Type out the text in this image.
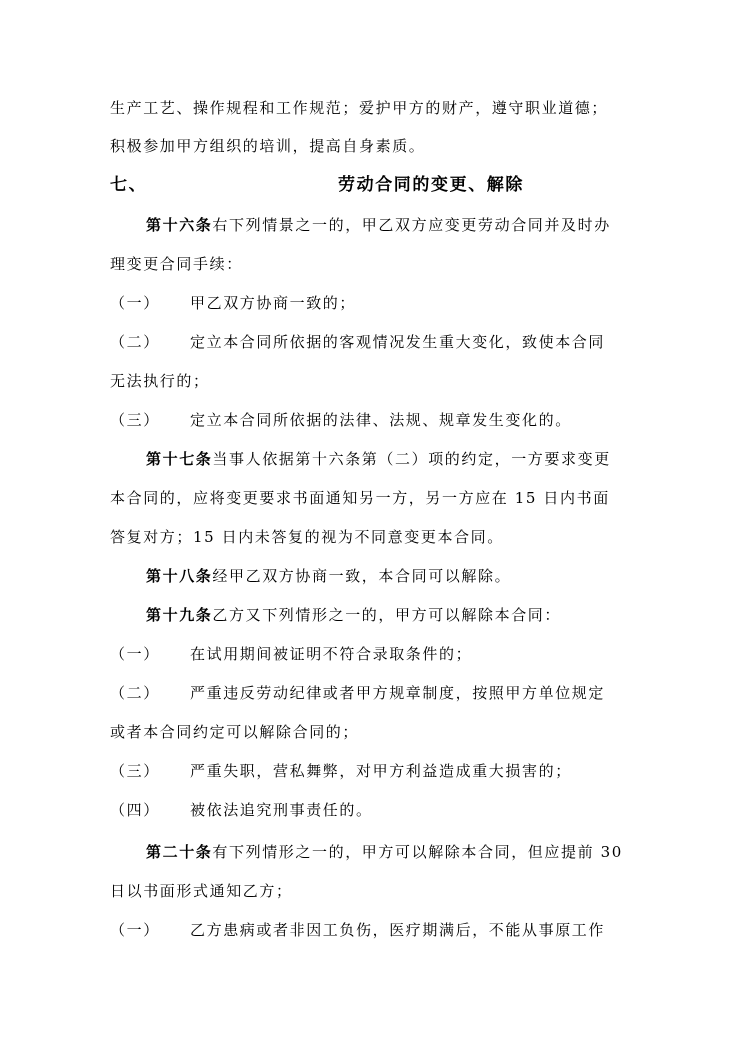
生产工艺、操作规程和工作规范；爱护甲方的财产，遵守职业道德；
积极参加甲方组织的培训，提高自身素质。
七、	劳动合同的变更、解除
第十六条右下列情景之一的，甲乙双方应变更劳动合同并及时办
理变更合同手续：
（一） 甲乙双方协商一致的；
（二） 定立本合同所依据的客观情况发生重大变化，致使本合同
无法执行的；
（三） 定立本合同所依据的法律、法规、规章发生变化的。
第十七条当事人依据第十六条第（二）项的约定，一方要求变更
本合同的，应将变更要求书面通知另一方，另一方应在 15 日内书面
答复对方；15 日内未答复的视为不同意变更本合同。
第十八条经甲乙双方协商一致，本合同可以解除。
第十九条乙方又下列情形之一的，甲方可以解除本合同：
（一） 在试用期间被证明不符合录取条件的；
（二） 严重违反劳动纪律或者甲方规章制度，按照甲方单位规定
或者本合同约定可以解除合同的；
（三） 严重失职，营私舞弊，对甲方利益造成重大损害的；
（四） 被依法追究刑事责任的。
第二十条有下列情形之一的，甲方可以解除本合同，但应提前 30
日以书面形式通知乙方；
（一） 乙方患病或者非因工负伤，医疗期满后，不能从事原工作
